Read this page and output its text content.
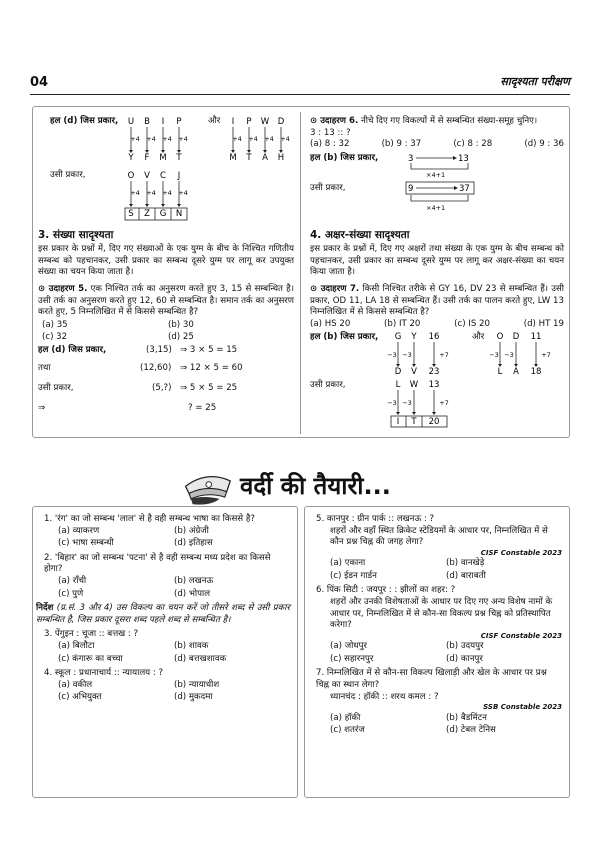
04	सादृश्यता परीक्षण
हल (d) जिस प्रकार, U B I P
+4 +4 +4 +4
Y F M T
और I P W D
+4 +4 +4 +4
M T A H
उसी प्रकार,	O V C J
+4 +4 +4 +4
S Z G N
3. संख्या सादृश्यता
इस प्रकार के प्रश्नों में, दिए गए संख्याओं के एक युग्म के बीच के निश्चित गणितीय सम्बन्ध को पहचानकर, उसी प्रकार का सम्बन्ध दूसरे युग्म पर लागू कर उपयुक्त संख्या का चयन किया जाता है।
⊙ उदाहरण 5. एक निश्चित तर्क का अनुसरण करते हुए 3, 15 से सम्बन्धित है। उसी तर्क का अनुसरण करते हुए 12, 60 से सम्बन्धित है। समान तर्क का अनुसरण करते हुए, 5 निम्नलिखित में से किससे सम्बन्धित है?
(a) 35	(b) 30
(c) 32	(d) 25
हल (d) जिस प्रकार,	(3,15) ⇒ 3 × 5 = 15
तथा	(12,60) ⇒ 12 × 5 = 60
उसी प्रकार,	(5,?) ⇒ 5 × 5 = 25
⇒	? = 25
⊙ उदाहरण 6. नीचे दिए गए विकल्पों में से सम्बन्धित संख्या-समूह चुनिए।
3 : 13 :: ?
(a) 8 : 32	(b) 9 : 37	(c) 8 : 28	(d) 9 : 36
हल (b) जिस प्रकार,	3	13
×4+1
उसी प्रकार,	9	37
×4+1
4. अक्षर-संख्या सादृश्यता
इस प्रकार के प्रश्नों में, दिए गए अक्षरों तथा संख्या के एक युग्म के बीच सम्बन्ध को पहचानकर, उसी प्रकार का सम्बन्ध दूसरे युग्म पर लागू कर अक्षर-संख्या का चयन किया जाता है।
⊙ उदाहरण 7. किसी निश्चित तरीके से GY 16, DV 23 से सम्बन्धित हैं। उसी प्रकार, OD 11, LA 18 से सम्बन्धित हैं। उसी तर्क का पालन करते हुए, LW 13 निम्नलिखित में से किससे सम्बन्धित है?
(a) HS 20	(b) IT 20	(c) IS 20	(d) HT 19
हल (b) जिस प्रकार, G Y 16
−3 −3	+7
D V 23
और O D 11
−3 −3	+7
L A 18
उसी प्रकार,	L W 13
−3 −3	+7
I T 20
वर्दी की तैयारी...
1. 'रंग' का जो सम्बन्ध 'लाल' से है वही सम्बन्ध भाषा का किससे है?
(a) व्याकरण	(b) अंग्रेजी
(c) भाषा सम्बन्धी	(d) इतिहास
2. 'बिहार' का जो सम्बन्ध 'पटना' से है वही सम्बन्ध मध्य प्रदेश का किससे होगा?
(a) राँची	(b) लखनऊ
(c) पुणे	(d) भोपाल
निर्देश (प्र.सं. 3 और 4) उस विकल्प का चयन करें जो तीसरे शब्द से उसी प्रकार सम्बन्धित है, जिस प्रकार दूसरा शब्द पहले शब्द से सम्बन्धित है।
3. पेंगुइन : चूजा :: बत्तख : ?
(a) बिलौटा	(b) शावक
(c) कंगारू का बच्चा	(d) बत्तखशावक
4. स्कूल : प्रधानाचार्य :: न्यायालय : ?
(a) वकील	(b) न्यायाधीश
(c) अभियुक्त	(d) मुकदमा
5. कानपुर : ग्रीन पार्क :: लखनऊ : ?
शहरों और वहाँ स्थित क्रिकेट स्टेडियमों के आधार पर, निम्नलिखित में से कौन प्रश्न चिह्न की जगह लेगा?
CISF Constable 2023
(a) एकाना	(b) वानखेड़े
(c) ईडन गार्डन	(d) बाराबती
6. पिंक सिटी : जयपुर : : झीलों का शहर: ?
शहरों और उनकी विशेषताओं के आधार पर दिए गए अन्य विशेष नामों के आधार पर, निम्नलिखित में से कौन-सा विकल्प प्रश्न चिह्न को प्रतिस्थापित करेगा?
CISF Constable 2023
(a) जोधपुर	(b) उदयपुर
(c) सहारनपुर	(d) कानपुर
7. निम्नलिखित में से कौन-सा विकल्प खिलाड़ी और खेल के आधार पर प्रश्न चिह्न का स्थान लेगा?
ध्यानचंद : हॉकी :: शरथ कमल : ?
SSB Constable 2023
(a) हॉकी	(b) बैडमिंटन
(c) शतरंज	(d) टेबल टेनिस
